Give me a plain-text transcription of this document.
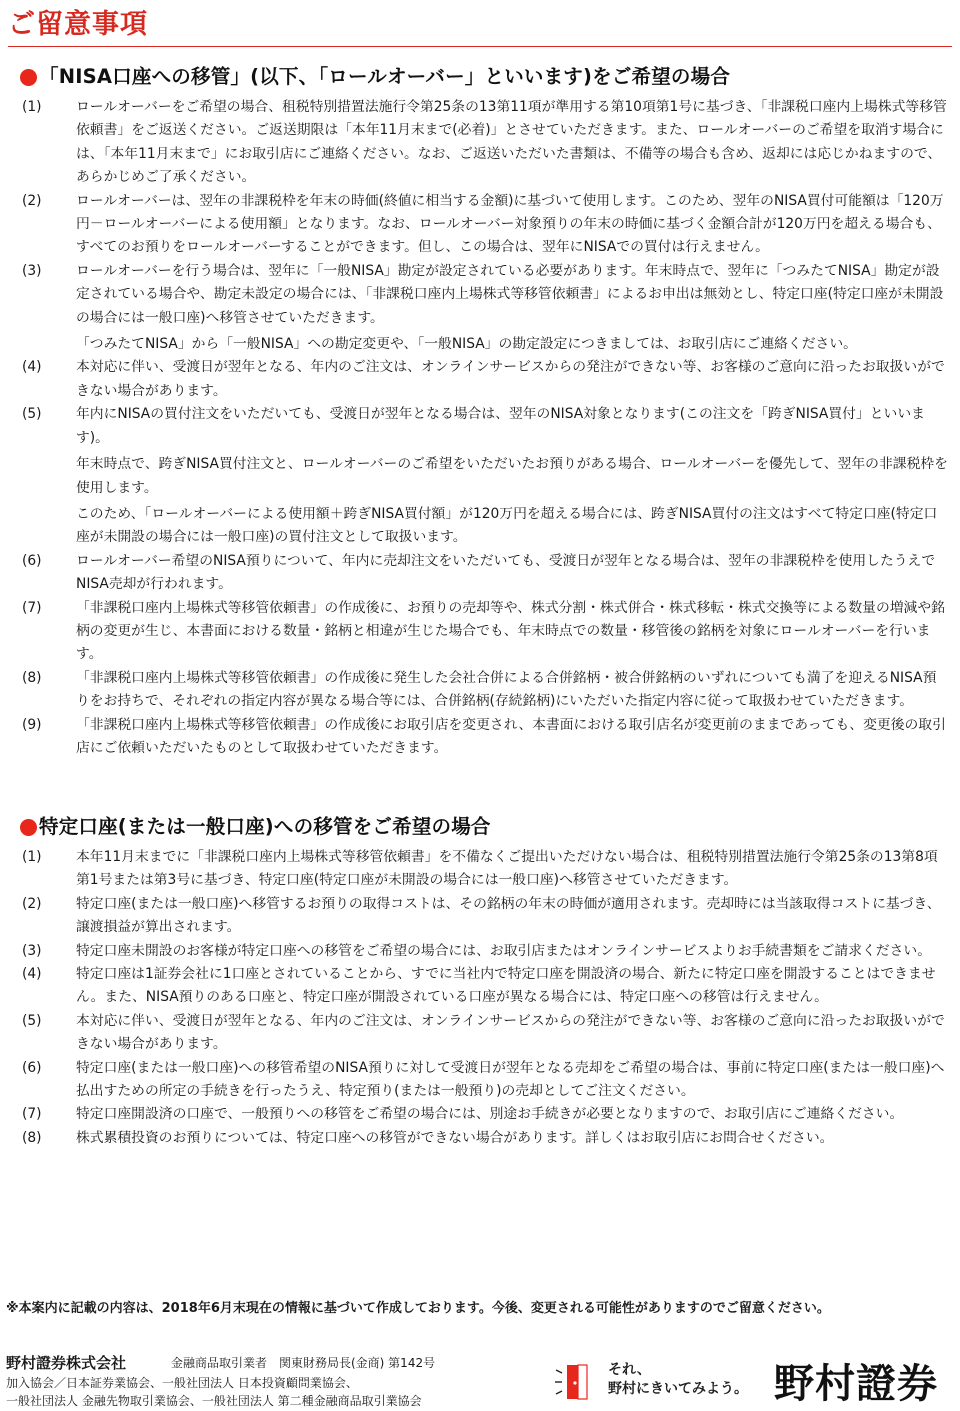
ご留意事項
「NISA口座への移管」(以下、「ロールオーバー」といいます)をご希望の場合
(1)	ロールオーバーをご希望の場合、租税特別措置法施行令第25条の13第11項が準用する第10項第1号に基づき、「非課税口座内上場株式等移管依頼書」をご返送ください。ご返送期限は「本年11月末まで(必着)」とさせていただきます。また、ロールオーバーのご希望を取消す場合には、「本年11月末まで」にお取引店にご連絡ください。なお、ご返送いただいた書類は、不備等の場合も含め、返却には応じかねますので、あらかじめご了承ください。

(2)	ロールオーバーは、翌年の非課税枠を年末の時価(終値に相当する金額)に基づいて使用します。このため、翌年のNISA買付可能額は「120万円－ロールオーバーによる使用額」となります。なお、ロールオーバー対象預りの年末の時価に基づく金額合計が120万円を超える場合も、すべてのお預りをロールオーバーすることができます。但し、この場合は、翌年にNISAでの買付は行えません。

(3)	ロールオーバーを行う場合は、翌年に「一般NISA」勘定が設定されている必要があります。年末時点で、翌年に「つみたてNISA」勘定が設定されている場合や、勘定未設定の場合には、「非課税口座内上場株式等移管依頼書」によるお申出は無効とし、特定口座(特定口座が未開設の場合には一般口座)へ移管させていただきます。

「つみたてNISA」から「一般NISA」への勘定変更や、「一般NISA」の勘定設定につきましては、お取引店にご連絡ください。

(4)	本対応に伴い、受渡日が翌年となる、年内のご注文は、オンラインサービスからの発注ができない等、お客様のご意向に沿ったお取扱いができない場合があります。

(5)	年内にNISAの買付注文をいただいても、受渡日が翌年となる場合は、翌年のNISA対象となります(この注文を「跨ぎNISA買付」といいます)。

年末時点で、跨ぎNISA買付注文と、ロールオーバーのご希望をいただいたお預りがある場合、ロールオーバーを優先して、翌年の非課税枠を使用します。

このため、「ロールオーバーによる使用額＋跨ぎNISA買付額」が120万円を超える場合には、跨ぎNISA買付の注文はすべて特定口座(特定口座が未開設の場合には一般口座)の買付注文として取扱います。

(6)	ロールオーバー希望のNISA預りについて、年内に売却注文をいただいても、受渡日が翌年となる場合は、翌年の非課税枠を使用したうえでNISA売却が行われます。

(7)	「非課税口座内上場株式等移管依頼書」の作成後に、お預りの売却等や、株式分割・株式併合・株式移転・株式交換等による数量の増減や銘柄の変更が生じ、本書面における数量・銘柄と相違が生じた場合でも、年末時点での数量・移管後の銘柄を対象にロールオーバーを行います。

(8)	「非課税口座内上場株式等移管依頼書」の作成後に発生した会社合併による合併銘柄・被合併銘柄のいずれについても満了を迎えるNISA預りをお持ちで、それぞれの指定内容が異なる場合等には、合併銘柄(存続銘柄)にいただいた指定内容に従って取扱わせていただきます。

(9)	「非課税口座内上場株式等移管依頼書」の作成後にお取引店を変更され、本書面における取引店名が変更前のままであっても、変更後の取引店にご依頼いただいたものとして取扱わせていただきます。

特定口座(または一般口座)への移管をご希望の場合
(1)	本年11月末までに「非課税口座内上場株式等移管依頼書」を不備なくご提出いただけない場合は、租税特別措置法施行令第25条の13第8項第1号または第3号に基づき、特定口座(特定口座が未開設の場合には一般口座)へ移管させていただきます。

(2)	特定口座(または一般口座)へ移管するお預りの取得コストは、その銘柄の年末の時価が適用されます。売却時には当該取得コストに基づき、譲渡損益が算出されます。

(3)	特定口座未開設のお客様が特定口座への移管をご希望の場合には、お取引店またはオンラインサービスよりお手続書類をご請求ください。

(4)	特定口座は1証券会社に1口座とされていることから、すでに当社内で特定口座を開設済の場合、新たに特定口座を開設することはできません。また、NISA預りのある口座と、特定口座が開設されている口座が異なる場合には、特定口座への移管は行えません。

(5)	本対応に伴い、受渡日が翌年となる、年内のご注文は、オンラインサービスからの発注ができない等、お客様のご意向に沿ったお取扱いができない場合があります。

(6)	特定口座(または一般口座)への移管希望のNISA預りに対して受渡日が翌年となる売却をご希望の場合は、事前に特定口座(または一般口座)へ払出すための所定の手続きを行ったうえ、特定預り(または一般預り)の売却としてご注文ください。

(7)	特定口座開設済の口座で、一般預りへの移管をご希望の場合には、別途お手続きが必要となりますので、お取引店にご連絡ください。

(8)	株式累積投資のお預りについては、特定口座への移管ができない場合があります。詳しくはお取引店にお問合せください。

※本案内に記載の内容は、2018年6月末現在の情報に基づいて作成しております。今後、変更される可能性がありますのでご留意ください。
野村證券株式会社	金融商品取引業者　関東財務局長(金商) 第142号
加入協会／日本証券業協会、一般社団法人 日本投資顧問業協会、
一般社団法人 金融先物取引業協会、一般社団法人 第二種金融商品取引業協会
それ、
野村にきいてみよう。 野村證券
